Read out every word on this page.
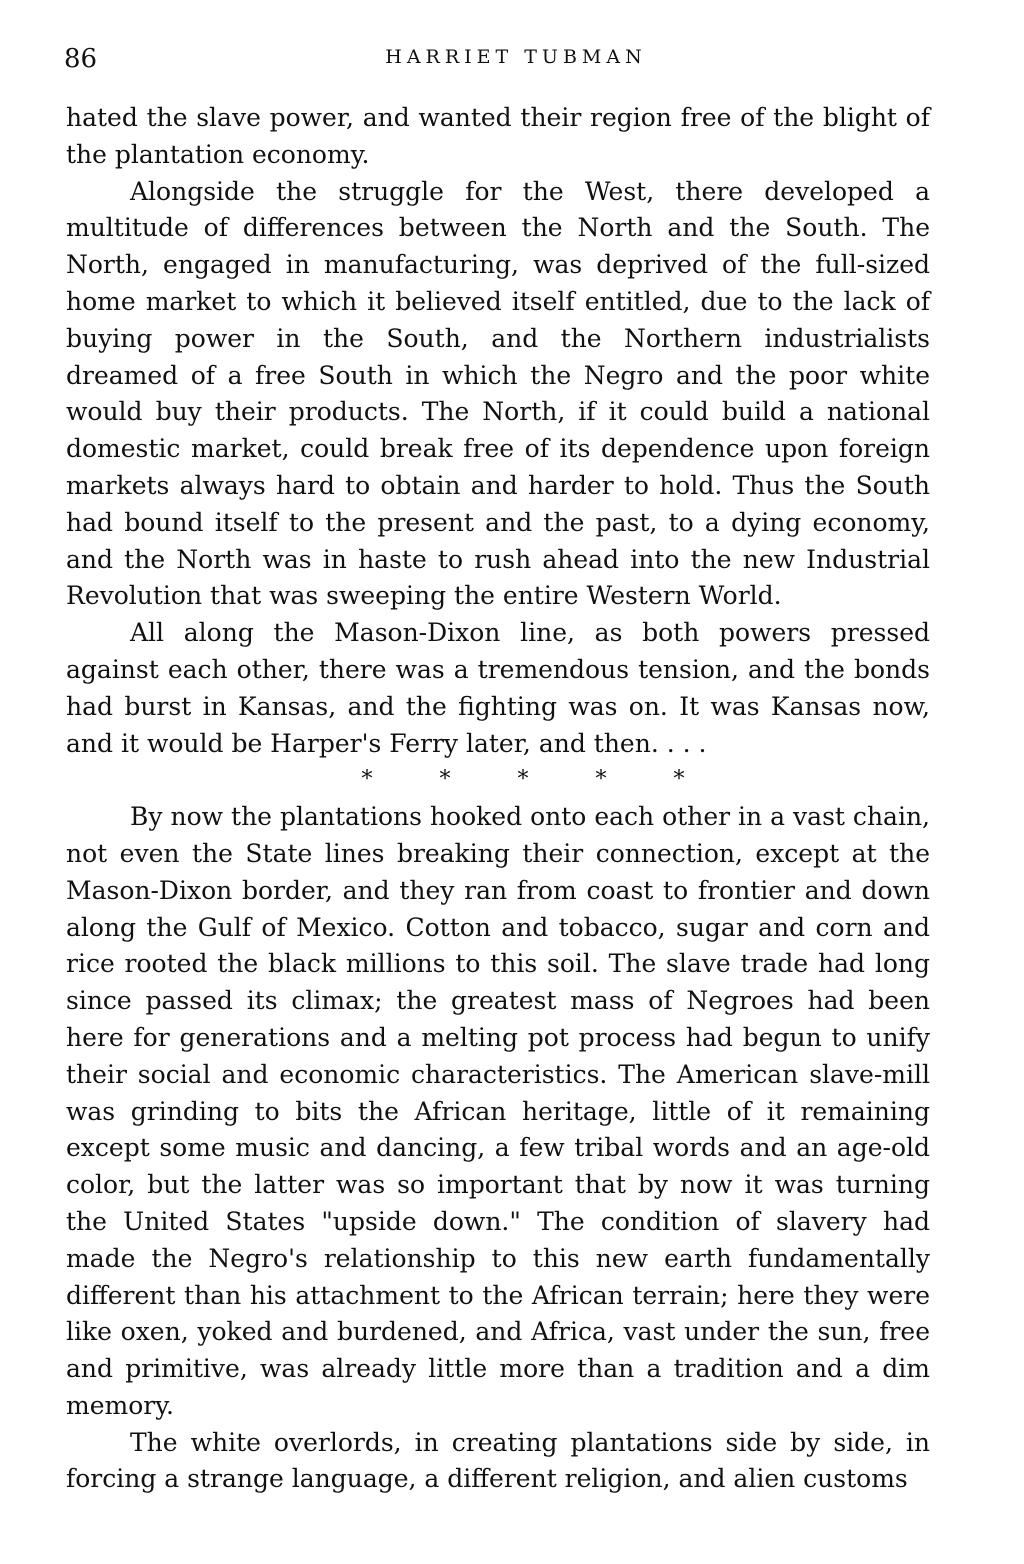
86	HARRIET TUBMAN

hated the slave power, and wanted their region free of the blight of the plantation economy.

Alongside the struggle for the West, there developed a multitude of differences between the North and the South. The North, engaged in manufacturing, was deprived of the full-sized home market to which it believed itself entitled, due to the lack of buying power in the South, and the Northern industrialists dreamed of a free South in which the Negro and the poor white would buy their products. The North, if it could build a national domestic market, could break free of its dependence upon foreign markets always hard to obtain and harder to hold. Thus the South had bound itself to the present and the past, to a dying economy, and the North was in haste to rush ahead into the new Industrial Revolution that was sweeping the entire Western World.

All along the Mason-Dixon line, as both powers pressed against each other, there was a tremendous tension, and the bonds had burst in Kansas, and the fighting was on. It was Kansas now, and it would be Harper's Ferry later, and then. . . .

* * * * *

By now the plantations hooked onto each other in a vast chain, not even the State lines breaking their connection, except at the Mason-Dixon border, and they ran from coast to frontier and down along the Gulf of Mexico. Cotton and tobacco, sugar and corn and rice rooted the black millions to this soil. The slave trade had long since passed its climax; the greatest mass of Negroes had been here for generations and a melting pot process had begun to unify their social and economic characteristics. The American slave-mill was grinding to bits the African heritage, little of it remaining except some music and dancing, a few tribal words and an age-old color, but the latter was so important that by now it was turning the United States "upside down." The condition of slavery had made the Negro's relationship to this new earth fundamentally different than his attachment to the African terrain; here they were like oxen, yoked and burdened, and Africa, vast under the sun, free and primitive, was already little more than a tradition and a dim memory.

The white overlords, in creating plantations side by side, in forcing a strange language, a different religion, and alien customs
